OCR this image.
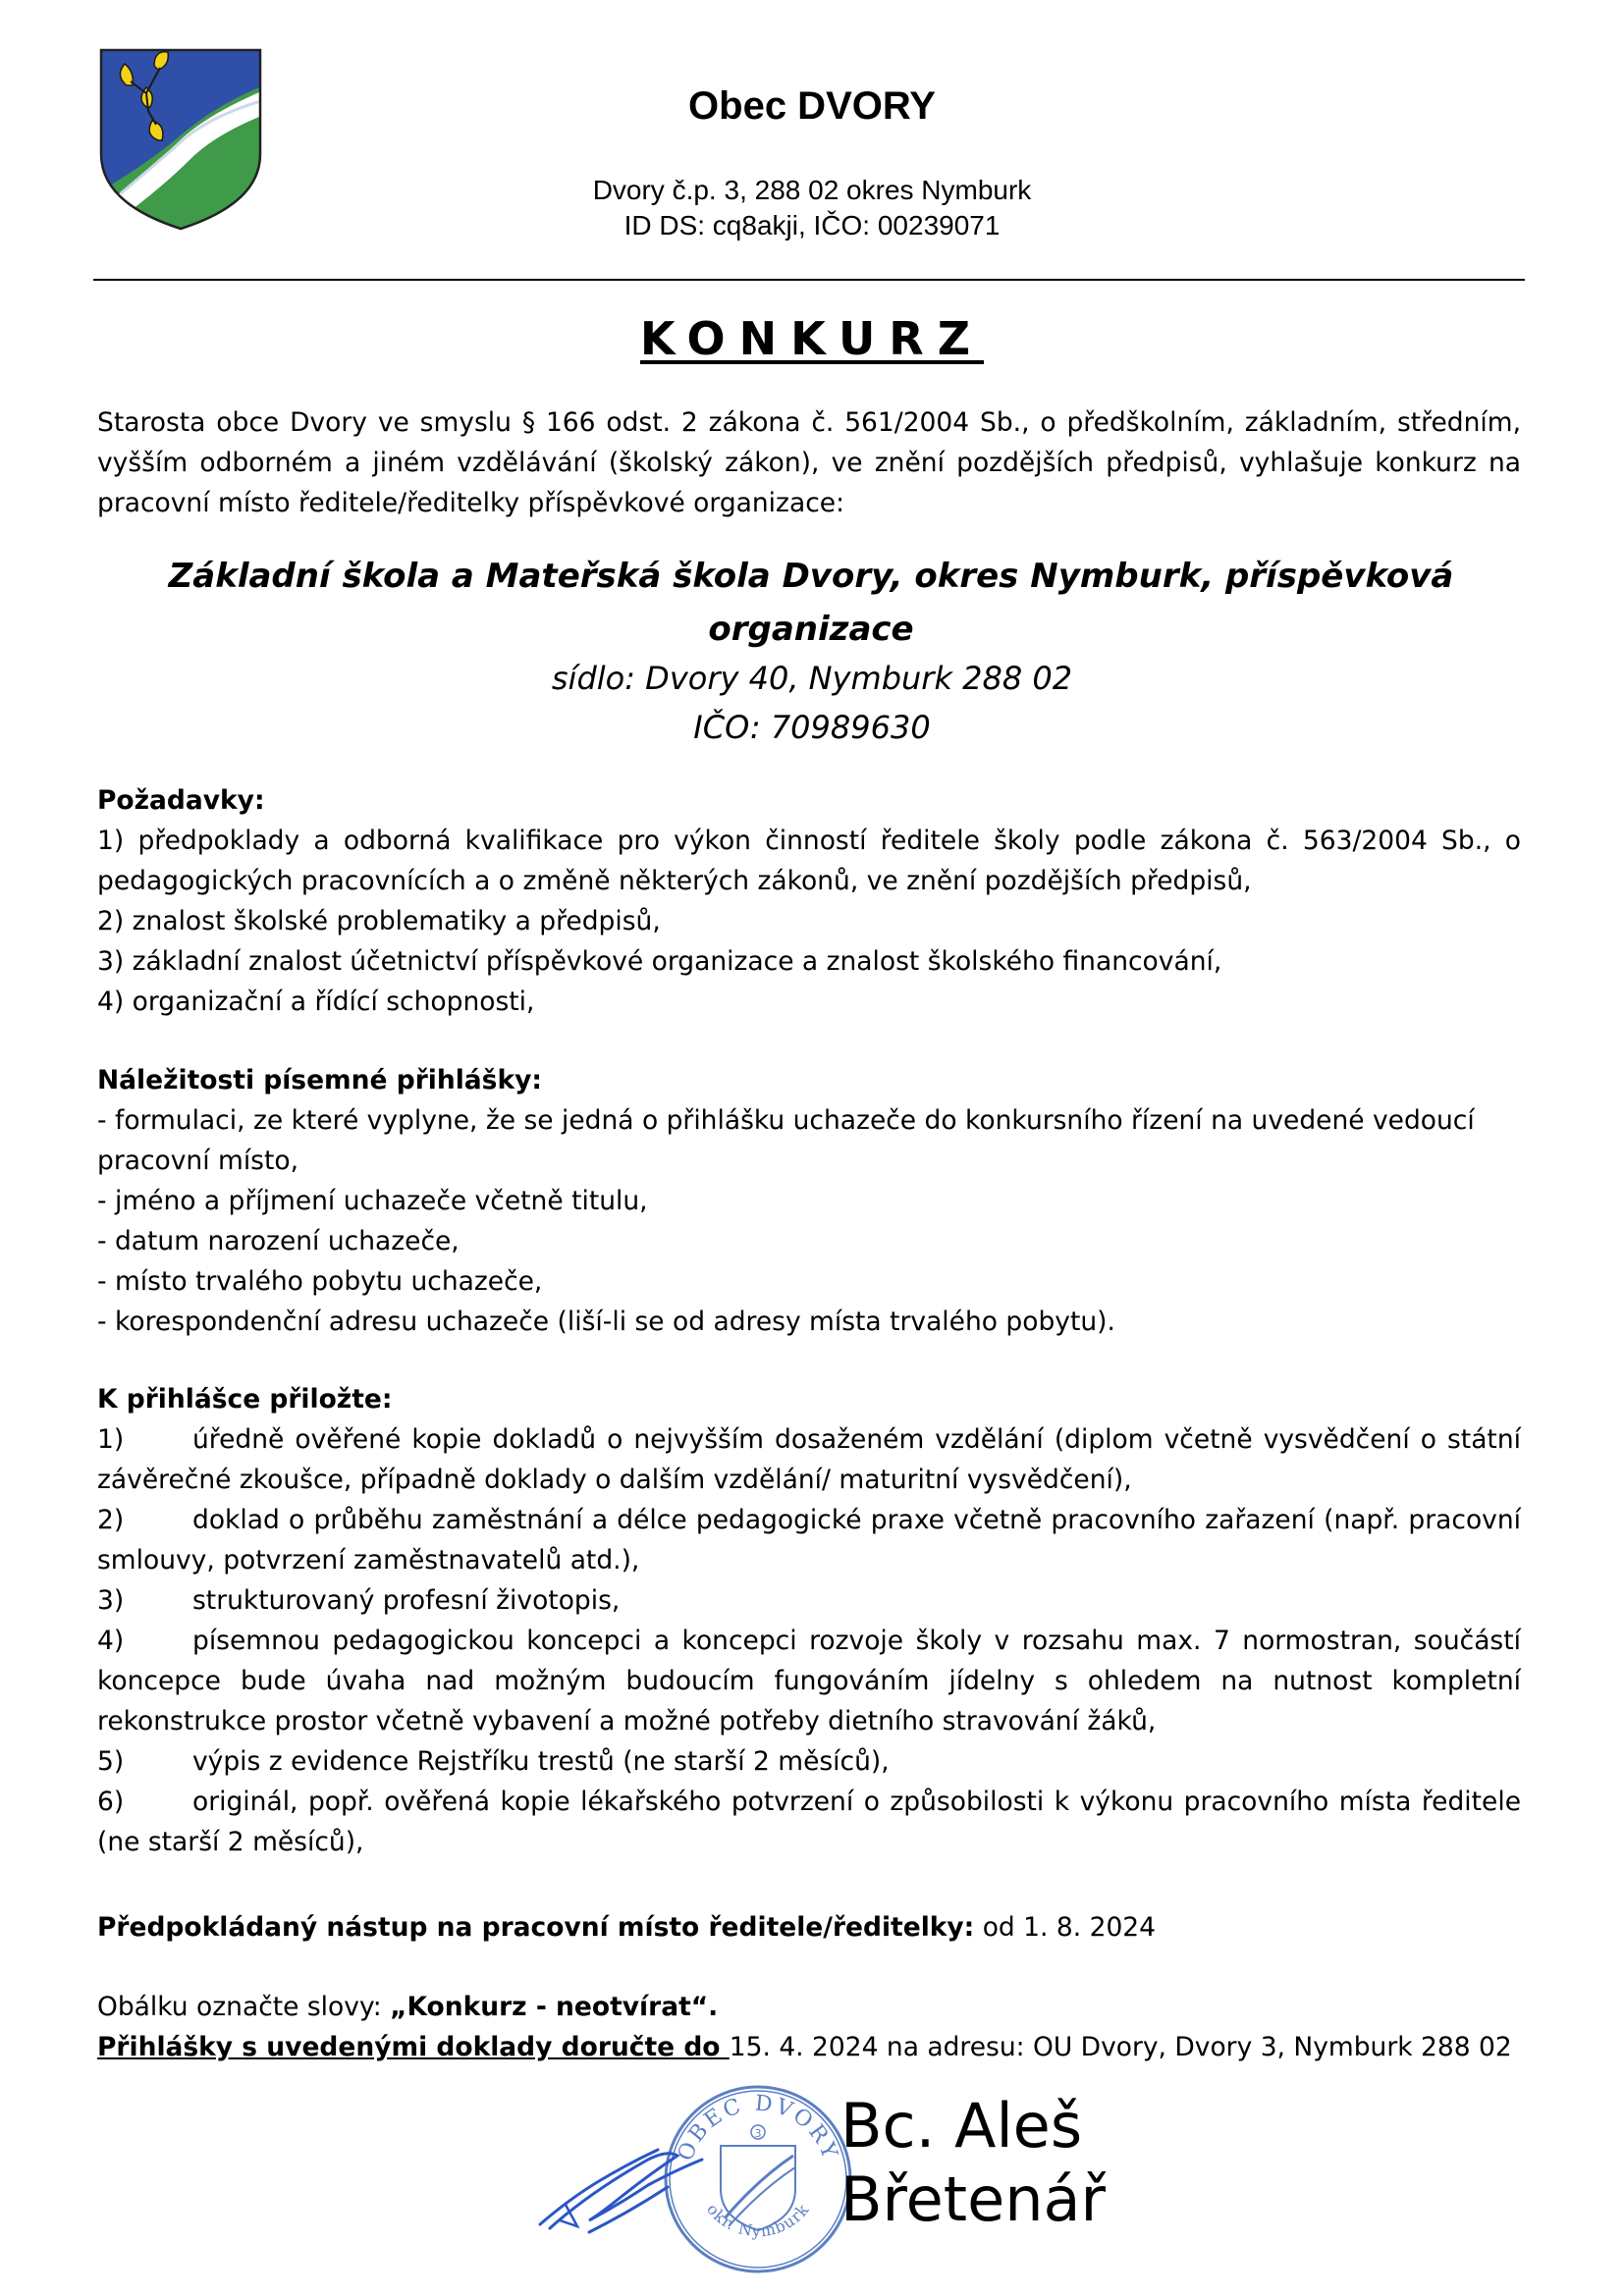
Obec DVORY
Dvory č.p. 3, 288 02 okres Nymburk
ID DS: cq8akji, IČO: 00239071
KONKURZ
Starosta obce Dvory ve smyslu § 166 odst. 2 zákona č. 561/2004 Sb., o předškolním, základním, středním, vyšším odborném a jiném vzdělávání (školský zákon), ve znění pozdějších předpisů, vyhlašuje konkurz na pracovní místo ředitele/ředitelky příspěvkové organizace:
Základní škola a Mateřská škola Dvory, okres Nymburk, příspěvková organizace
sídlo: Dvory 40, Nymburk 288 02
IČO: 70989630

Požadavky:

1) předpoklady a odborná kvalifikace pro výkon činností ředitele školy podle zákona č. 563/2004 Sb., o pedagogických pracovnících a o změně některých zákonů, ve znění pozdějších předpisů,

2) znalost školské problematiky a předpisů,

3) základní znalost účetnictví příspěvkové organizace a znalost školského financování,

4) organizační a řídící schopnosti,

Náležitosti písemné přihlášky:

- formulaci, ze které vyplyne, že se jedná o přihlášku uchazeče do konkursního řízení na uvedené vedoucí pracovní místo,

- jméno a příjmení uchazeče včetně titulu,

- datum narození uchazeče,

- místo trvalého pobytu uchazeče,

- korespondenční adresu uchazeče (liší-li se od adresy místa trvalého pobytu).

K přihlášce přiložte:

1)	úředně ověřené kopie dokladů o nejvyšším dosaženém vzdělání (diplom včetně vysvědčení o státní závěrečné zkoušce, případně doklady o dalším vzdělání/ maturitní vysvědčení),

2)	doklad o průběhu zaměstnání a délce pedagogické praxe včetně pracovního zařazení (např. pracovní smlouvy, potvrzení zaměstnavatelů atd.),

3)	strukturovaný profesní životopis,

4)	písemnou pedagogickou koncepci a koncepci rozvoje školy v rozsahu max. 7 normostran, součástí koncepce bude úvaha nad možným budoucím fungováním jídelny s ohledem na nutnost kompletní rekonstrukce prostor včetně vybavení a možné potřeby dietního stravování žáků,

5)	výpis z evidence Rejstříku trestů (ne starší 2 měsíců),

6)	originál, popř. ověřená kopie lékařského potvrzení o způsobilosti k výkonu pracovního místa ředitele (ne starší 2 měsíců),

Předpokládaný nástup na pracovní místo ředitele/ředitelky: od 1. 8. 2024

Obálku označte slovy: „Konkurz - neotvírat“.

Přihlášky s uvedenými doklady doručte do 15. 4. 2024 na adresu: OU Dvory, Dvory 3, Nymburk 288 02

OBEC DVORY
okr. Nymburk
3 Bc. Aleš
Břetenář
